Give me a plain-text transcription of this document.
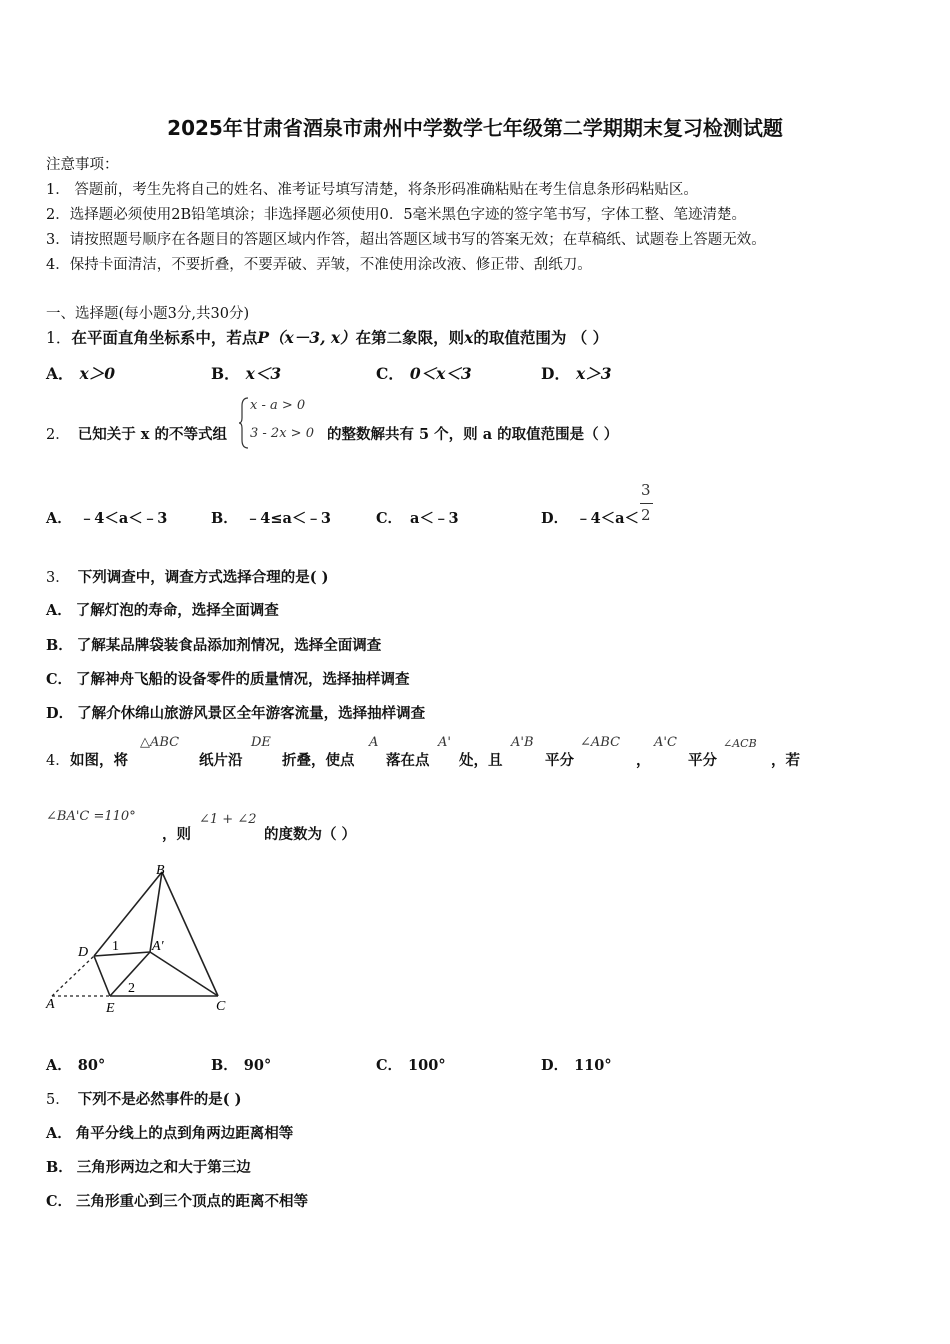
2025年甘肃省酒泉市肃州中学数学七年级第二学期期末复习检测试题
注意事项：
1． 答题前，考生先将自己的姓名、准考证号填写清楚，将条形码准确粘贴在考生信息条形码粘贴区。
2．选择题必须使用2B铅笔填涂；非选择题必须使用0．5毫米黑色字迹的签字笔书写，字体工整、笔迹清楚。
3．请按照题号顺序在各题目的答题区域内作答，超出答题区域书写的答案无效；在草稿纸、试题卷上答题无效。
4．保持卡面清洁，不要折叠，不要弄破、弄皱，不准使用涂改液、修正带、刮纸刀。
一、选择题(每小题3分,共30分)
1．在平面直角坐标系中，若点P（x－3, x）在第二象限，则x的取值范围为 （ ）
A． x＞0	B． x＜3	C． 0＜x＜3	D． x＞3
2． 已知关于 x 的不等式组
x - a > 0
3 - 2x > 0 的整数解共有 5 个，则 a 的取值范围是（ ）
A． ﹣4＜a＜﹣3	B． ﹣4≤a＜﹣3	C． a＜﹣3	D． ﹣4＜a＜
3
2
3． 下列调查中，调查方式选择合理的是( )
A． 了解灯泡的寿命，选择全面调查
B． 了解某品牌袋装食品添加剂情况，选择全面调查
C． 了解神舟飞船的设备零件的质量情况，选择抽样调查
D． 了解介休绵山旅游风景区全年游客流量，选择抽样调查
4． 如图，将
△ABC
纸片沿
DE
折叠，使点
A
落在点
A'
处，且
A'B
平分
∠ABC
，
A'C
平分
∠ACB
，若
∠BA'C =110°
，则
∠1 + ∠2
的度数为（ ）
B
D 1 A′
A	E
2
C
A． 80°	B． 90°	C． 100°	D． 110°
5． 下列不是必然事件的是( )
A． 角平分线上的点到角两边距离相等
B． 三角形两边之和大于第三边
C． 三角形重心到三个顶点的距离不相等
